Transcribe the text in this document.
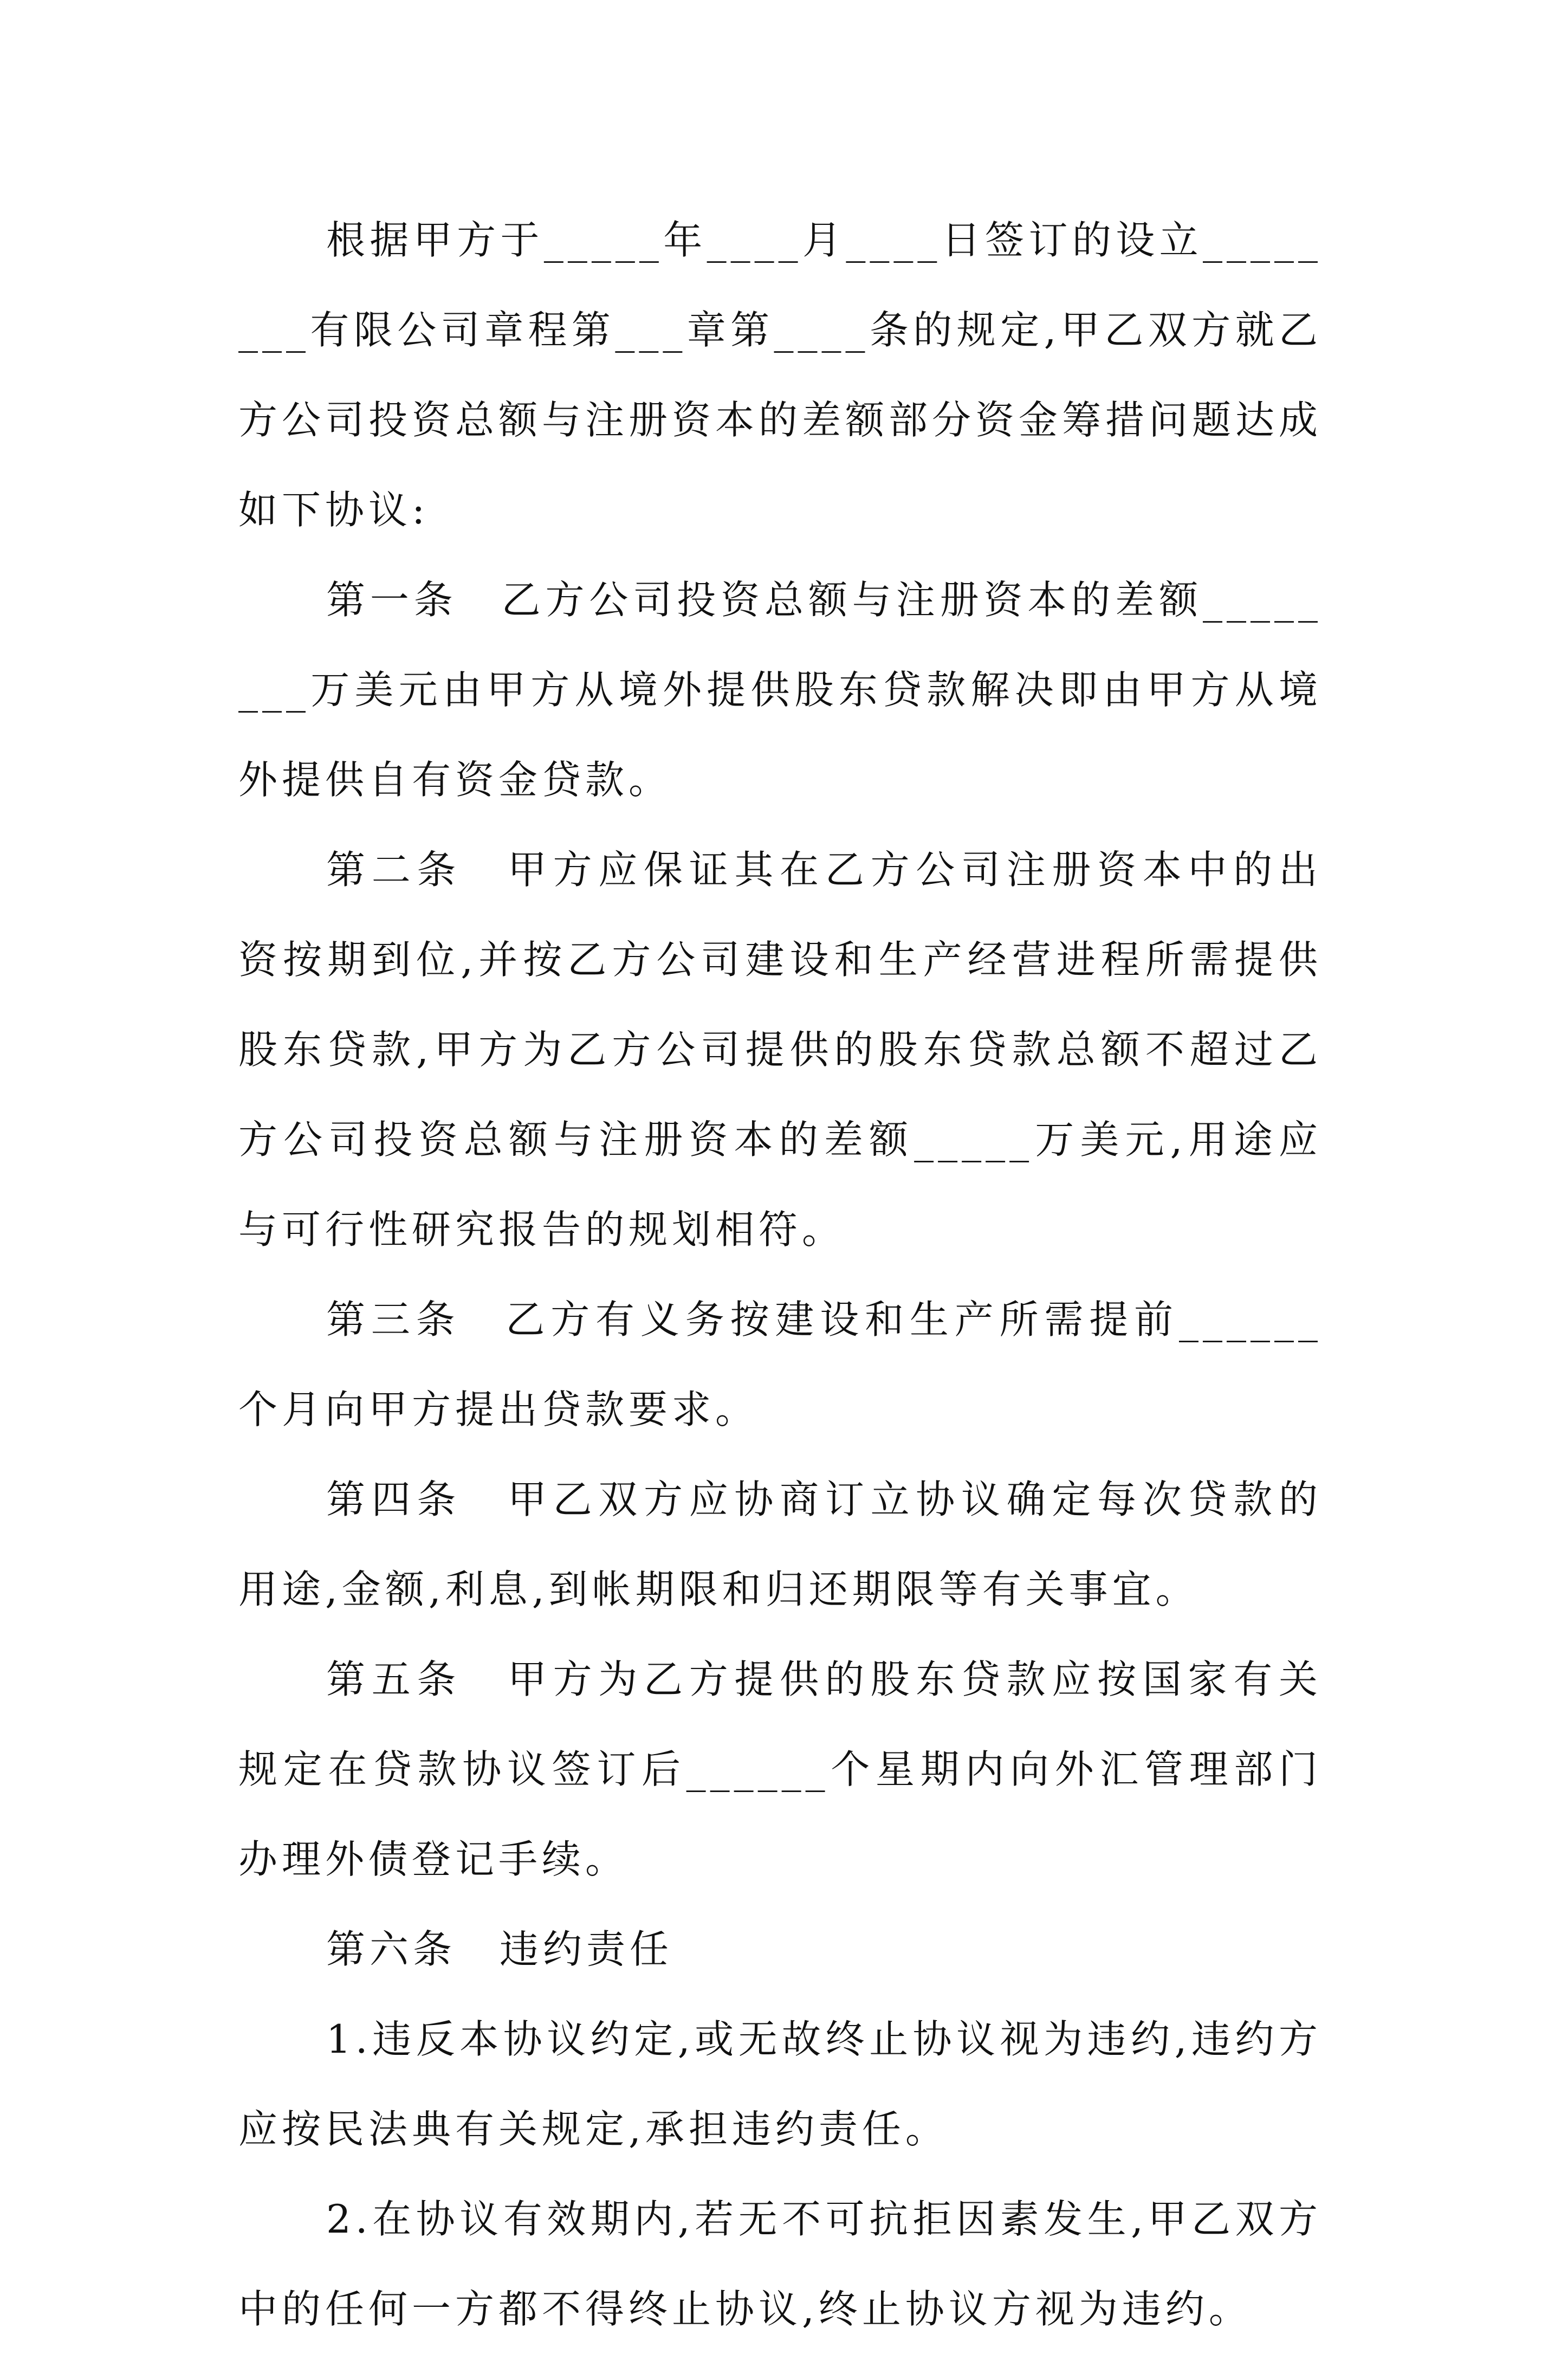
根据甲方于_____年____月____日签订的设立________有限公司章程第___章第____条的规定,甲乙双方就乙方公司投资总额与注册资本的差额部分资金筹措问题达成如下协议:

第一条　乙方公司投资总额与注册资本的差额________万美元由甲方从境外提供股东贷款解决即由甲方从境外提供自有资金贷款。

第二条　甲方应保证其在乙方公司注册资本中的出资按期到位,并按乙方公司建设和生产经营进程所需提供股东贷款,甲方为乙方公司提供的股东贷款总额不超过乙方公司投资总额与注册资本的差额_____万美元,用途应与可行性研究报告的规划相符。

第三条　乙方有义务按建设和生产所需提前______个月向甲方提出贷款要求。

第四条　甲乙双方应协商订立协议确定每次贷款的用途,金额,利息,到帐期限和归还期限等有关事宜。

第五条　甲方为乙方提供的股东贷款应按国家有关规定在贷款协议签订后______个星期内向外汇管理部门办理外债登记手续。

第六条　违约责任

1.违反本协议约定,或无故终止协议视为违约,违约方应按民法典有关规定,承担违约责任。

2.在协议有效期内,若无不可抗拒因素发生,甲乙双方中的任何一方都不得终止协议,终止协议方视为违约。
